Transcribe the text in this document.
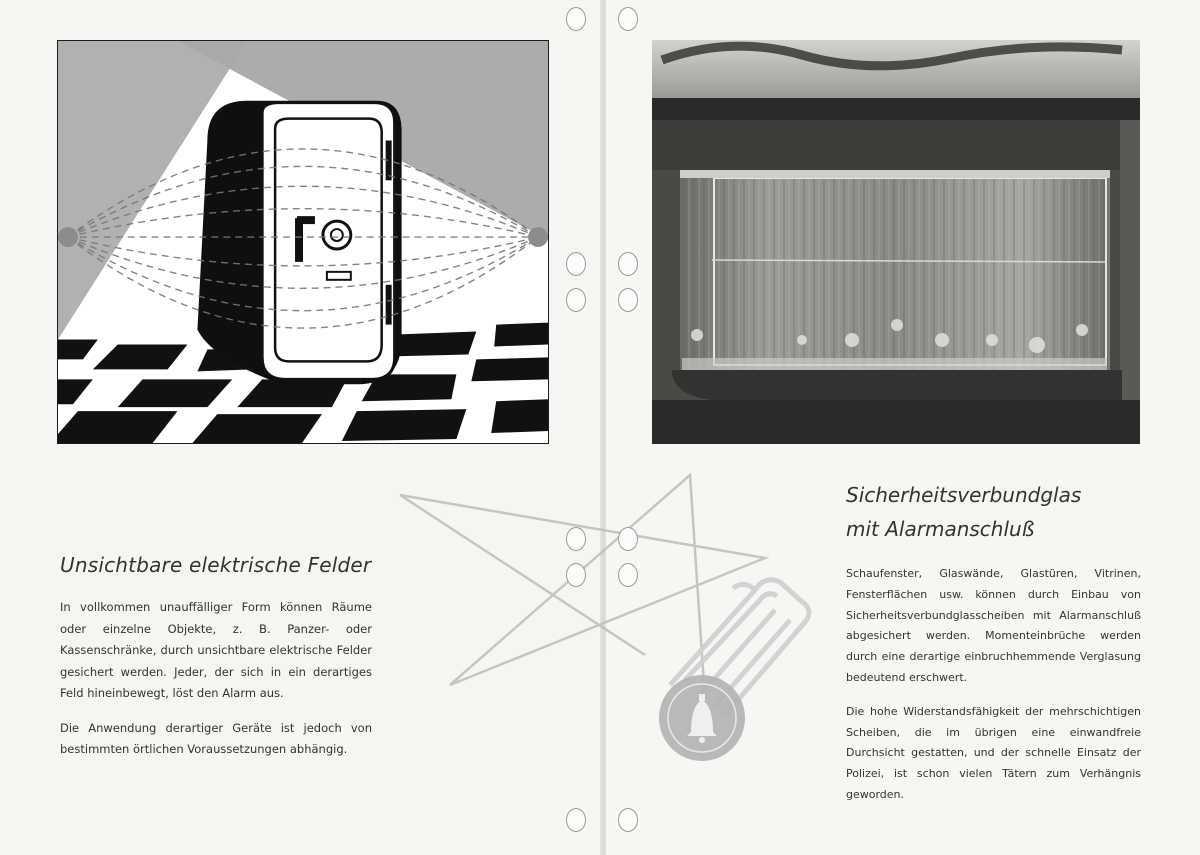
Unsichtbare elektrische Felder

In vollkommen unauffälliger Form können Räume oder einzelne Objekte, z. B. Panzer- oder Kassenschränke, durch unsichtbare elektrische Felder gesichert werden. Jeder, der sich in ein derartiges Feld hineinbewegt, löst den Alarm aus.

Die Anwendung derartiger Geräte ist jedoch von bestimmten örtlichen Voraussetzungen abhängig.

Sicherheitsverbundglas
mit Alarmanschluß

Schaufenster, Glaswände, Glastüren, Vitrinen, Fensterflächen usw. können durch Einbau von Sicherheitsverbundglasscheiben mit Alarmanschluß abgesichert werden. Momenteinbrüche werden durch eine derartige einbruchhemmende Verglasung bedeutend erschwert.

Die hohe Widerstandsfähigkeit der mehrschichtigen Scheiben, die im übrigen eine einwandfreie Durchsicht gestatten, und der schnelle Einsatz der Polizei, ist schon vielen Tätern zum Verhängnis geworden.
